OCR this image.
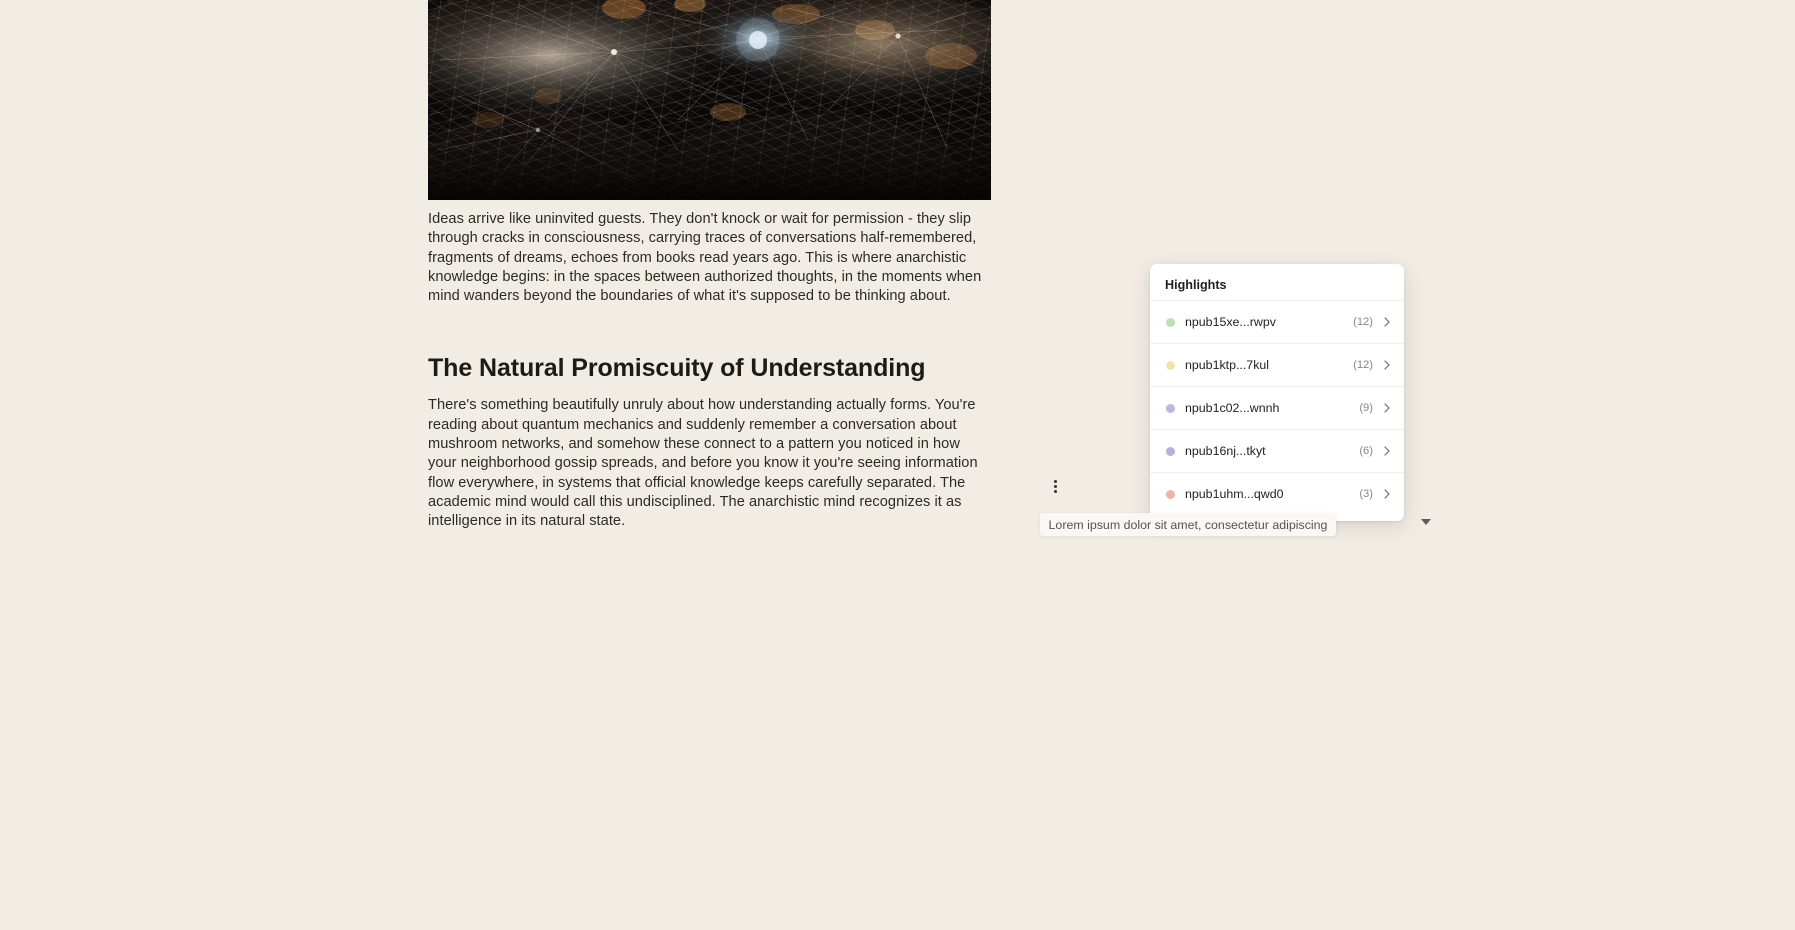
Ideas arrive like uninvited guests. They don't knock or wait for permission - they slip through cracks in consciousness, carrying traces of conversations half-remembered, fragments of dreams, echoes from books read years ago. This is where anarchistic knowledge begins: in the spaces between authorized thoughts, in the moments when mind wanders beyond the boundaries of what it's supposed to be thinking about.

The Natural Promiscuity of Understanding

There's something beautifully unruly about how understanding actually forms. You're reading about quantum mechanics and suddenly remember a conversation about mushroom networks, and somehow these connect to a pattern you noticed in how your neighborhood gossip spreads, and before you know it you're seeing information flow everywhere, in systems that official knowledge keeps carefully separated. The academic mind would call this undisciplined. The anarchistic mind recognizes it as intelligence in its natural state.

Highlights
npub15xe...rwpv	(12)
npub1ktp...7kul	(12)
npub1c02...wnnh	(9)
npub16nj...tkyt	(6)
npub1uhm...qwd0	(3)
Lorem ipsum dolor sit amet, consectetur adipiscing
